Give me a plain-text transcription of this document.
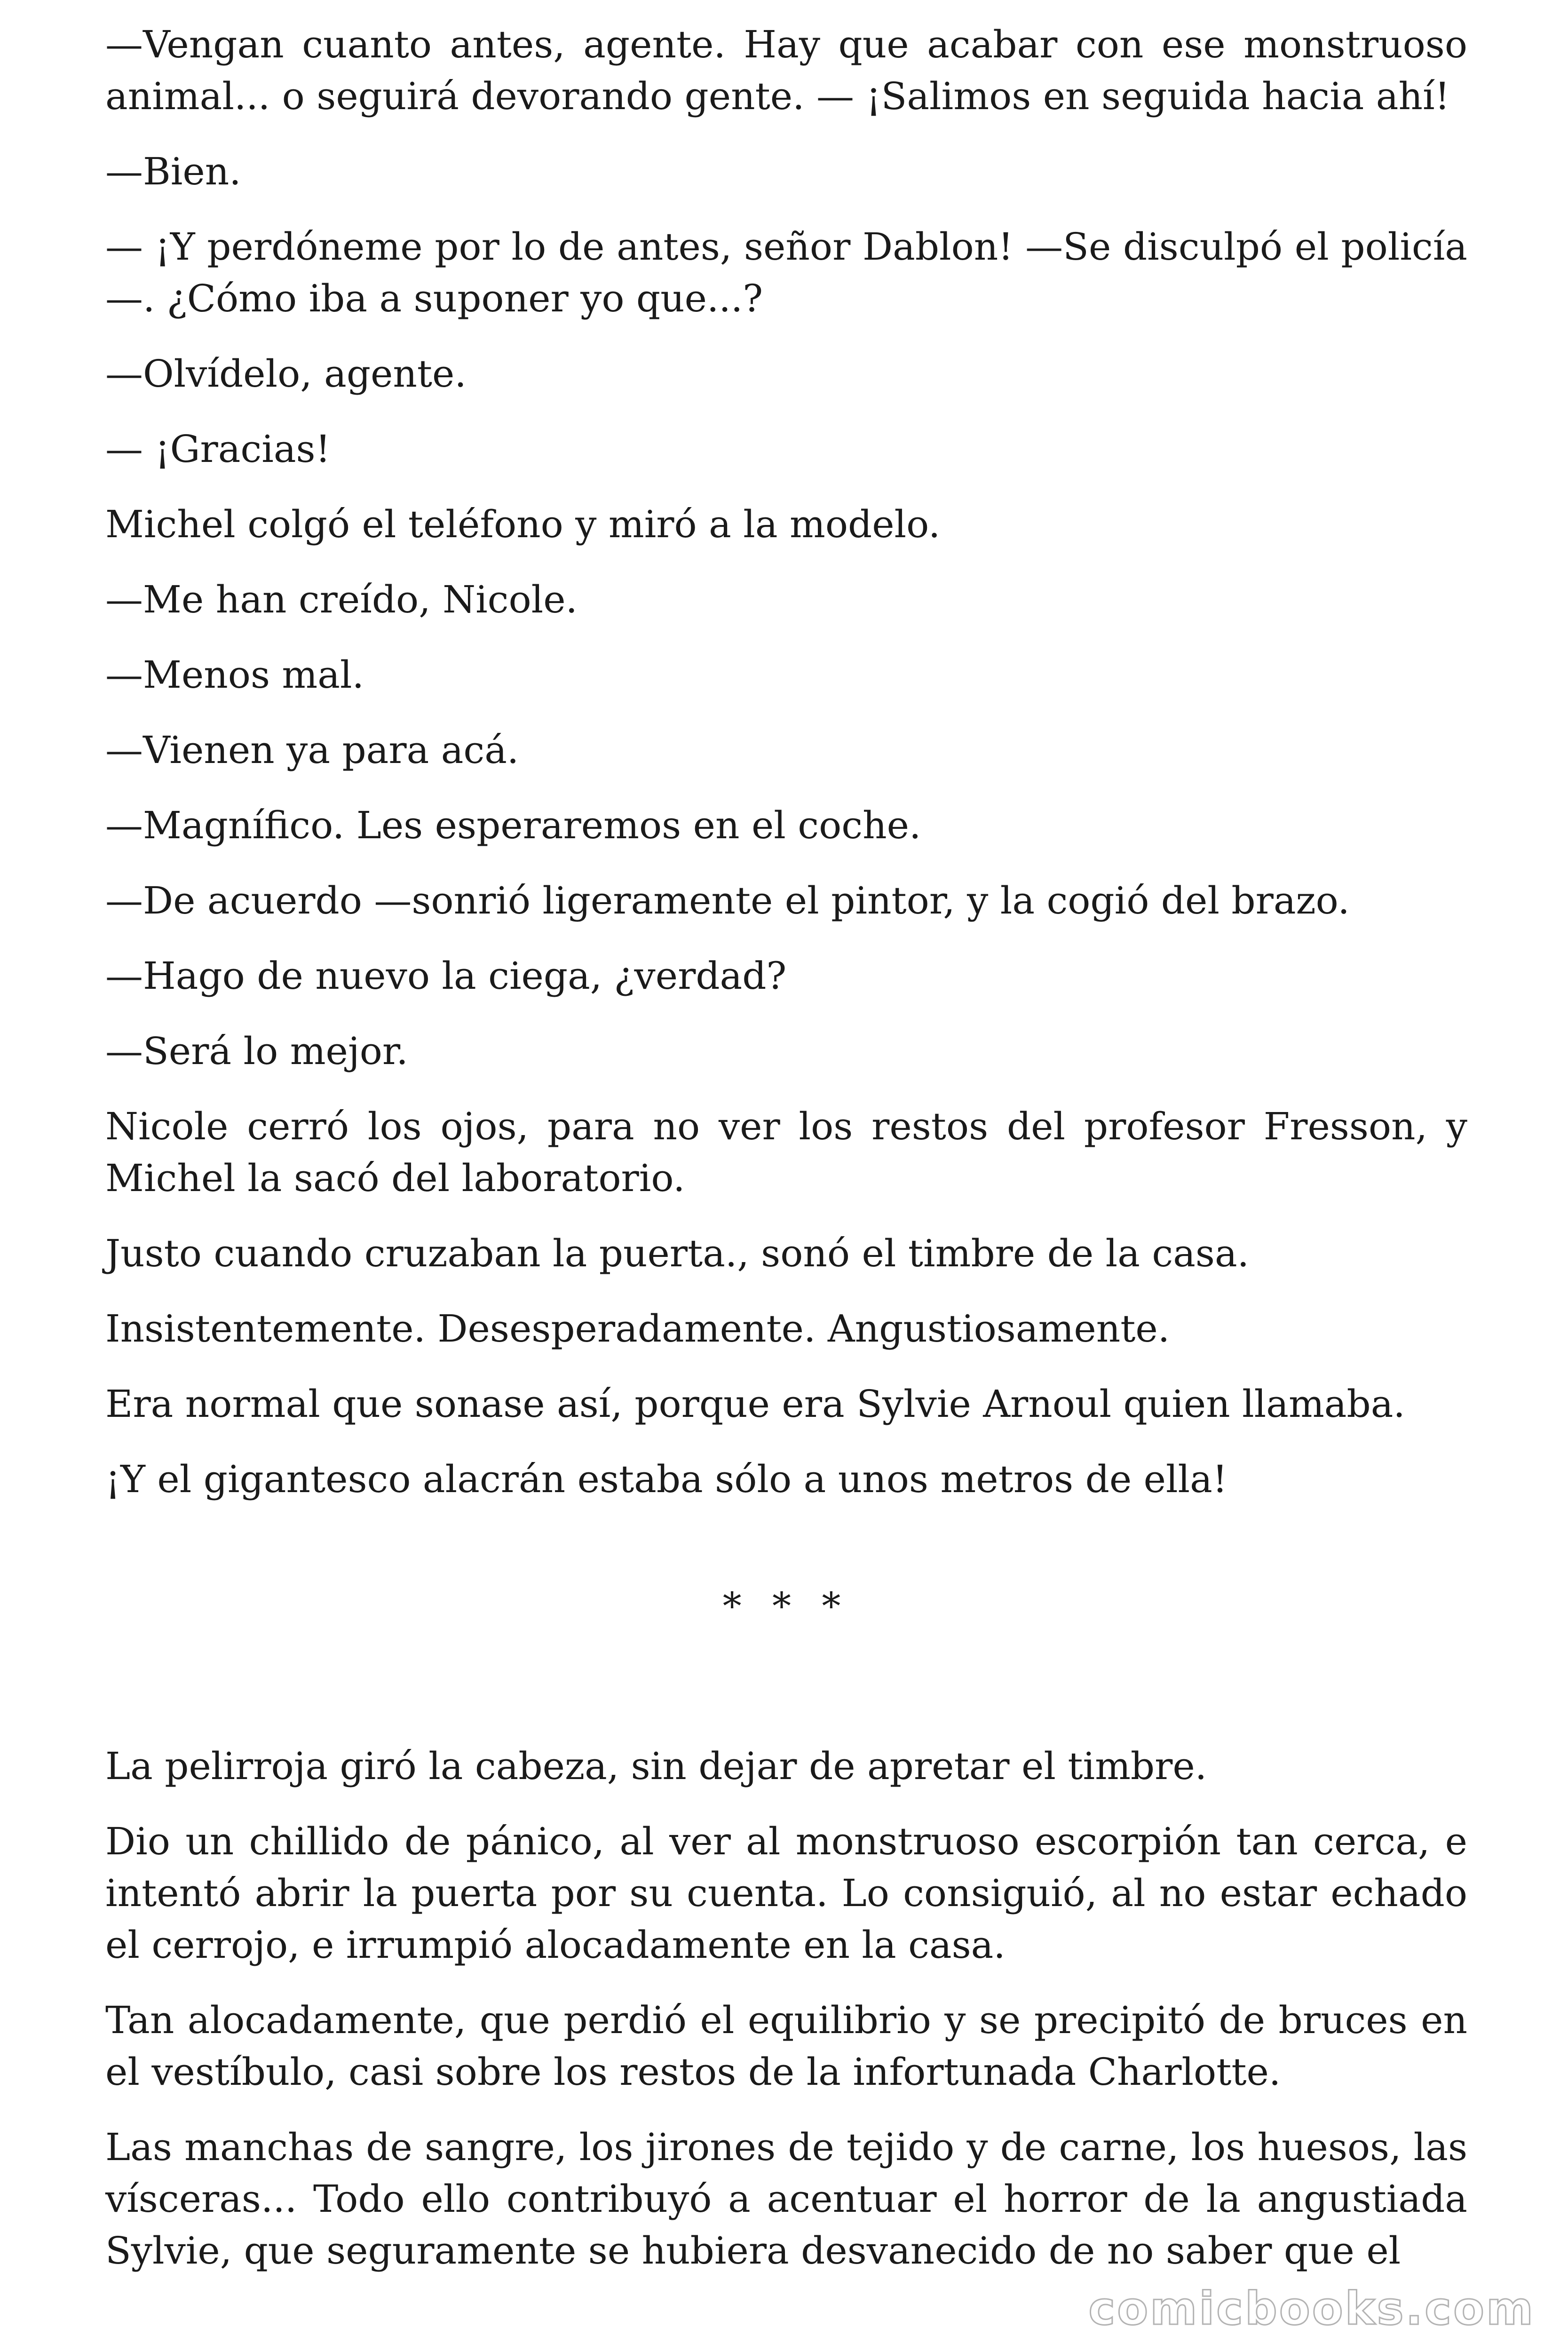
—Vengan cuanto antes, agente. Hay que acabar con ese monstruoso animal... o seguirá devorando gente. — ¡Salimos en seguida hacia ahí!

—Bien.

— ¡Y perdóneme por lo de antes, señor Dablon! —Se disculpó el policía—. ¿Cómo iba a suponer yo que...?

—Olvídelo, agente.

— ¡Gracias!

Michel colgó el teléfono y miró a la modelo.

—Me han creído, Nicole.

—Menos mal.

—Vienen ya para acá.

—Magnífico. Les esperaremos en el coche.

—De acuerdo —sonrió ligeramente el pintor, y la cogió del brazo.

—Hago de nuevo la ciega, ¿verdad?

—Será lo mejor.

Nicole cerró los ojos, para no ver los restos del profesor Fresson, y Michel la sacó del laboratorio.

Justo cuando cruzaban la puerta., sonó el timbre de la casa.

Insistentemente. Desesperadamente. Angustiosamente.

Era normal que sonase así, porque era Sylvie Arnoul quien llamaba.

¡Y el gigantesco alacrán estaba sólo a unos metros de ella!

* * *

La pelirroja giró la cabeza, sin dejar de apretar el timbre.

Dio un chillido de pánico, al ver al monstruoso escorpión tan cerca, e intentó abrir la puerta por su cuenta. Lo consiguió, al no estar echado el cerrojo, e irrumpió alocadamente en la casa.

Tan alocadamente, que perdió el equilibrio y se precipitó de bruces en el vestíbulo, casi sobre los restos de la infortunada Charlotte.

Las manchas de sangre, los jirones de tejido y de carne, los huesos, las vísceras... Todo ello contribuyó a acentuar el horror de la angustiada Sylvie, que seguramente se hubiera desvanecido de no saber que el

comicbooks.com
